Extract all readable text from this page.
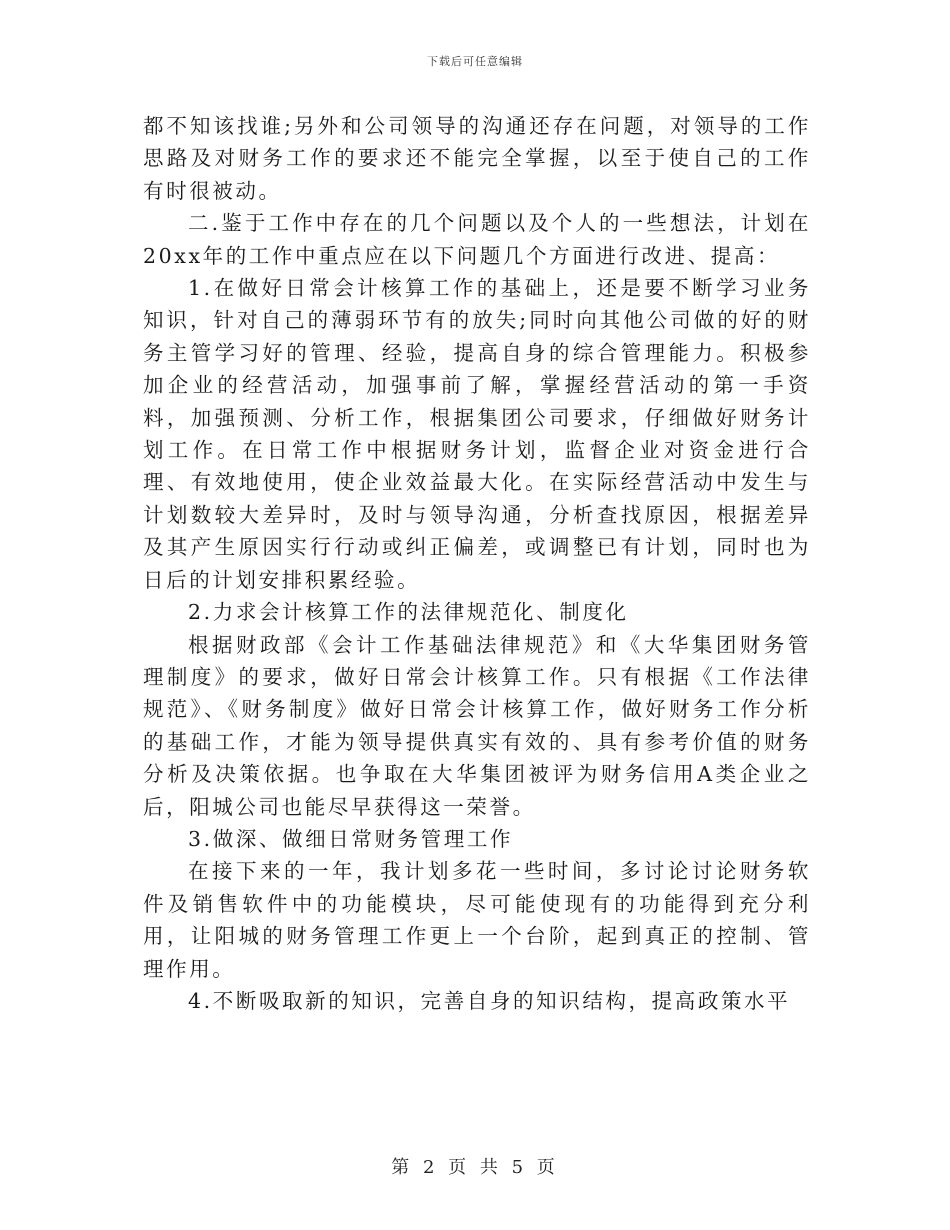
下载后可任意编辑

都不知该找谁;另外和公司领导的沟通还存在问题，对领导的工作思路及对财务工作的要求还不能完全掌握，以至于使自己的工作有时很被动。

二.鉴于工作中存在的几个问题以及个人的一些想法，计划在20xx年的工作中重点应在以下问题几个方面进行改进、提高：

1.在做好日常会计核算工作的基础上，还是要不断学习业务知识，针对自己的薄弱环节有的放失;同时向其他公司做的好的财务主管学习好的管理、经验，提高自身的综合管理能力。积极参加企业的经营活动，加强事前了解，掌握经营活动的第一手资料，加强预测、分析工作，根据集团公司要求，仔细做好财务计划工作。在日常工作中根据财务计划，监督企业对资金进行合理、有效地使用，使企业效益最大化。在实际经营活动中发生与计划数较大差异时，及时与领导沟通，分析查找原因，根据差异及其产生原因实行行动或纠正偏差，或调整已有计划，同时也为日后的计划安排积累经验。

2.力求会计核算工作的法律规范化、制度化

根据财政部《会计工作基础法律规范》和《大华集团财务管理制度》的要求，做好日常会计核算工作。只有根据《工作法律规范》、《财务制度》做好日常会计核算工作，做好财务工作分析的基础工作，才能为领导提供真实有效的、具有参考价值的财务分析及决策依据。也争取在大华集团被评为财务信用A类企业之后，阳城公司也能尽早获得这一荣誉。

3.做深、做细日常财务管理工作

在接下来的一年，我计划多花一些时间，多讨论讨论财务软件及销售软件中的功能模块，尽可能使现有的功能得到充分利用，让阳城的财务管理工作更上一个台阶，起到真正的控制、管理作用。

4.不断吸取新的知识，完善自身的知识结构，提高政策水平

第 2 页 共 5 页
